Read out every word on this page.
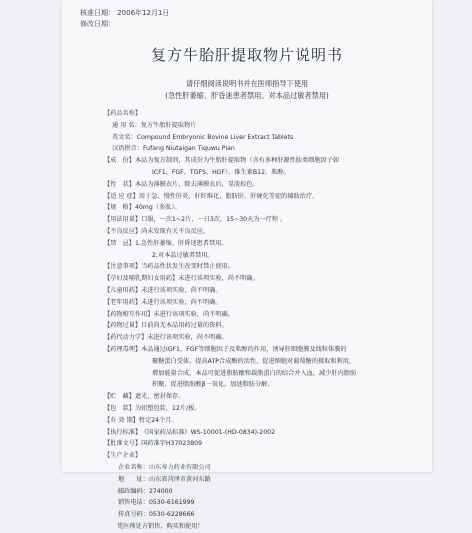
核准日期： 2006年12月1日
修改日期：
复方牛胎肝提取物片说明书
请仔细阅读说明书并在医师指导下使用
(急性肝萎缩、肝昏迷患者禁用。对本品过敏者禁用)
【药品名称】
通 用 名：复方牛胎肝提取物片
英文名：Compound Embryonic Bovine Liver Extract Tablets
汉语拼音：Fufang Niutaigan Tiquwu Pian
【成　份】本品为复方制剂，其成份为牛胎肝提取物（含有多种肝源性肽类细胞因子如
ICF1、FGF、TGFS、HGF）、维生素B12、肌醇。
【性　状】本品为薄膜衣片，除去薄膜衣后，显淡棕色。
【适 应 症】用于急、慢性肝炎，肝纤维化，脂肪肝，肝硬化等症的辅助治疗。
【规　格】40mg（多肽）。
【用法用量】口服，一次1~2片，一日3次，15~30天为一疗程 。
【不良反应】尚未发现有关不良反应。
【禁　忌】1.急性肝萎缩、肝昏迷患者禁用。
2.对本品过敏者禁用。
【注意事项】当药品性状发生改变时禁止使用。
【孕妇及哺乳期妇女用药】未进行该项实验，尚不明确。
【儿童用药】未进行该项实验，尚不明确。
【老年用药】未进行该项实验，尚不明确。
【药物相互作用】未进行该项实验，尚不明确。
【药物过量】目前尚无本品用药过量的资料。
【药代动力学】未进行该项实验，尚不明确。
【药理毒理】本品通过IGF1、FGF等细胞因子及肌醇的作用，诱导肝细胞膜及线粒体膜的
聚糖蛋白受体，提高ATP合成酶的活性，促进细胞对葡萄糖的摄取和利用，
增加能量合成。本品可促进脂肪酸和载脂蛋白的结合并入血，减少肝内脂肪
积聚，促进脂肪酸β－氧化，加速脂肪分解。
【贮　藏】遮光，密封保存。
【包　装】为铝塑包装，12片/板。
【有 效 期】暂定24个月。
【执行标准】《国家药品标准》WS-10001-(HD-0834)-2002
【批准文号】国药准字H37023809
【生产企业】
企业名称：山东寿力药业有限公司
地　　址：山东省菏泽市黄河东路
邮政编码：274000
销售电话：0530-6161999
传真号码：0530-6228666
凭医师处方销售、购买和使用！
